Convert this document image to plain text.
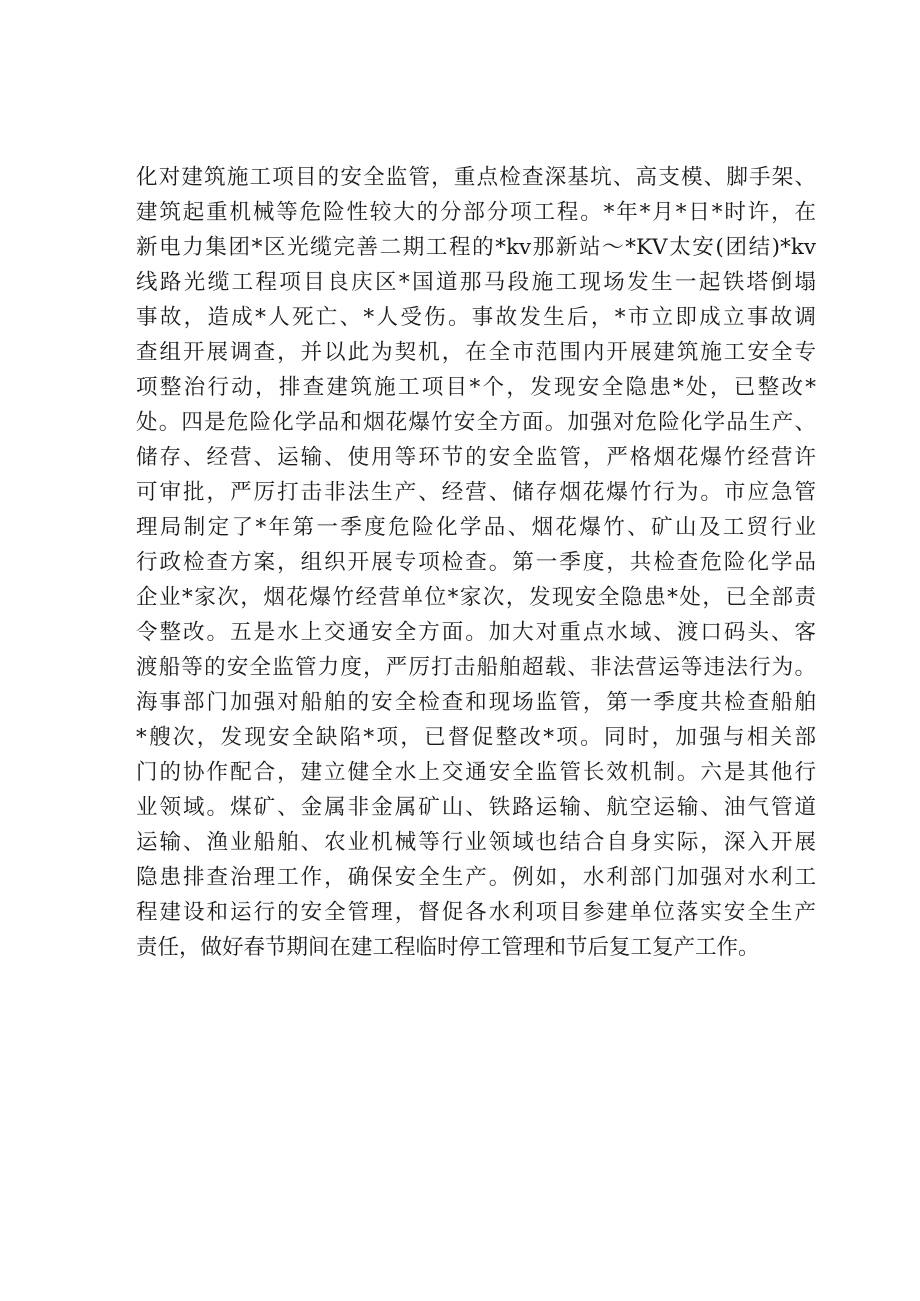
化对建筑施工项目的安全监管，重点检查深基坑、高支模、脚手架、
建筑起重机械等危险性较大的分部分项工程。*年*月*日*时许，在
新电力集团*区光缆完善二期工程的*kv那新站～*KV太安(团结)*kv
线路光缆工程项目良庆区*国道那马段施工现场发生一起铁塔倒塌
事故，造成*人死亡、*人受伤。事故发生后，*市立即成立事故调
查组开展调查，并以此为契机，在全市范围内开展建筑施工安全专
项整治行动，排查建筑施工项目*个，发现安全隐患*处，已整改*
处。四是危险化学品和烟花爆竹安全方面。加强对危险化学品生产、
储存、经营、运输、使用等环节的安全监管，严格烟花爆竹经营许
可审批，严厉打击非法生产、经营、储存烟花爆竹行为。市应急管
理局制定了*年第一季度危险化学品、烟花爆竹、矿山及工贸行业
行政检查方案，组织开展专项检查。第一季度，共检查危险化学品
企业*家次，烟花爆竹经营单位*家次，发现安全隐患*处，已全部责
令整改。五是水上交通安全方面。加大对重点水域、渡口码头、客
渡船等的安全监管力度，严厉打击船舶超载、非法营运等违法行为。
海事部门加强对船舶的安全检查和现场监管，第一季度共检查船舶
*艘次，发现安全缺陷*项，已督促整改*项。同时，加强与相关部
门的协作配合，建立健全水上交通安全监管长效机制。六是其他行
业领域。煤矿、金属非金属矿山、铁路运输、航空运输、油气管道
运输、渔业船舶、农业机械等行业领域也结合自身实际，深入开展
隐患排查治理工作，确保安全生产。例如，水利部门加强对水利工
程建设和运行的安全管理，督促各水利项目参建单位落实安全生产
责任，做好春节期间在建工程临时停工管理和节后复工复产工作。
